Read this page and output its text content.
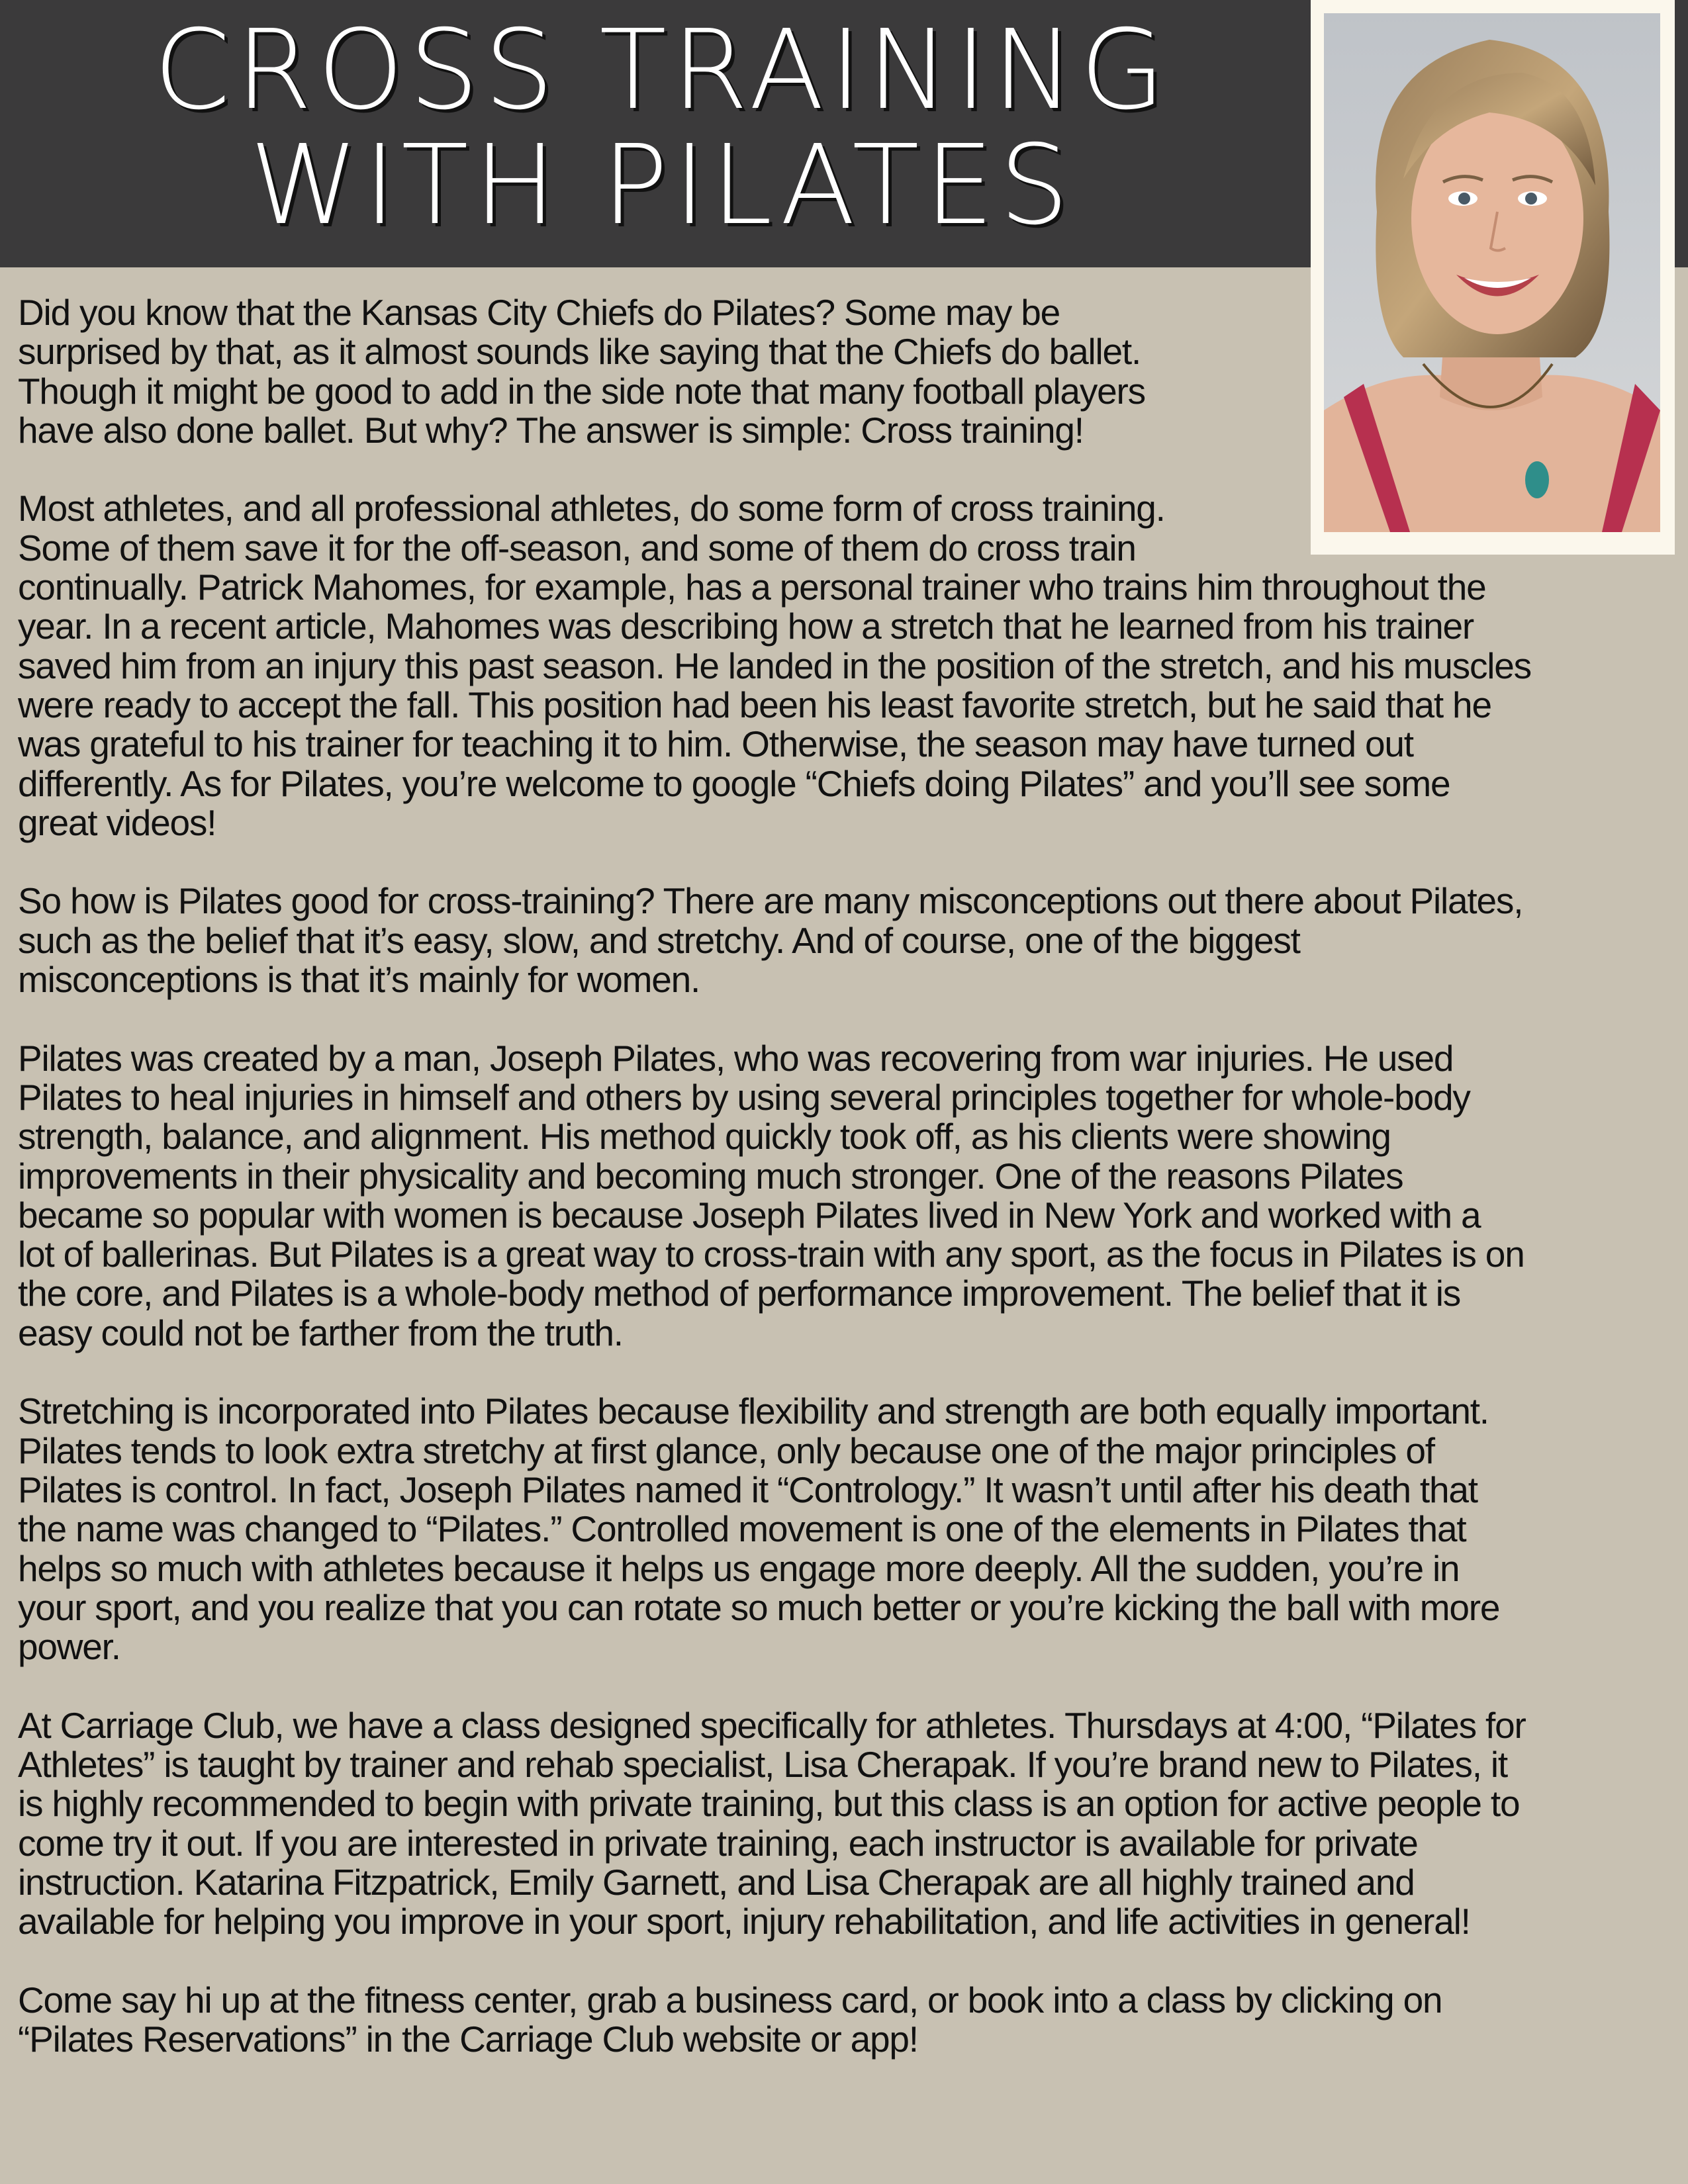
CROSS TRAINING
WITH PILATES

Did you know that the Kansas City Chiefs do Pilates? Some may be
surprised by that, as it almost sounds like saying that the Chiefs do ballet.
Though it might be good to add in the side note that many football players
have also done ballet. But why? The answer is simple: Cross training!

Most athletes, and all professional athletes, do some form of cross training.
Some of them save it for the off-season, and some of them do cross train
continually. Patrick Mahomes, for example, has a personal trainer who trains him throughout the
year. In a recent article, Mahomes was describing how a stretch that he learned from his trainer
saved him from an injury this past season. He landed in the position of the stretch, and his muscles
were ready to accept the fall. This position had been his least favorite stretch, but he said that he
was grateful to his trainer for teaching it to him. Otherwise, the season may have turned out
differently. As for Pilates, you’re welcome to google “Chiefs doing Pilates” and you’ll see some
great videos!

So how is Pilates good for cross-training? There are many misconceptions out there about Pilates,
such as the belief that it’s easy, slow, and stretchy. And of course, one of the biggest
misconceptions is that it’s mainly for women.

Pilates was created by a man, Joseph Pilates, who was recovering from war injuries. He used
Pilates to heal injuries in himself and others by using several principles together for whole-body
strength, balance, and alignment. His method quickly took off, as his clients were showing
improvements in their physicality and becoming much stronger. One of the reasons Pilates
became so popular with women is because Joseph Pilates lived in New York and worked with a
lot of ballerinas. But Pilates is a great way to cross-train with any sport, as the focus in Pilates is on
the core, and Pilates is a whole-body method of performance improvement. The belief that it is
easy could not be farther from the truth.

Stretching is incorporated into Pilates because flexibility and strength are both equally important.
Pilates tends to look extra stretchy at first glance, only because one of the major principles of
Pilates is control. In fact, Joseph Pilates named it “Contrology.” It wasn’t until after his death that
the name was changed to “Pilates.” Controlled movement is one of the elements in Pilates that
helps so much with athletes because it helps us engage more deeply. All the sudden, you’re in
your sport, and you realize that you can rotate so much better or you’re kicking the ball with more
power.

At Carriage Club, we have a class designed specifically for athletes. Thursdays at 4:00, “Pilates for
Athletes” is taught by trainer and rehab specialist, Lisa Cherapak. If you’re brand new to Pilates, it
is highly recommended to begin with private training, but this class is an option for active people to
come try it out. If you are interested in private training, each instructor is available for private
instruction. Katarina Fitzpatrick, Emily Garnett, and Lisa Cherapak are all highly trained and
available for helping you improve in your sport, injury rehabilitation, and life activities in general!

Come say hi up at the fitness center, grab a business card, or book into a class by clicking on
“Pilates Reservations” in the Carriage Club website or app!
